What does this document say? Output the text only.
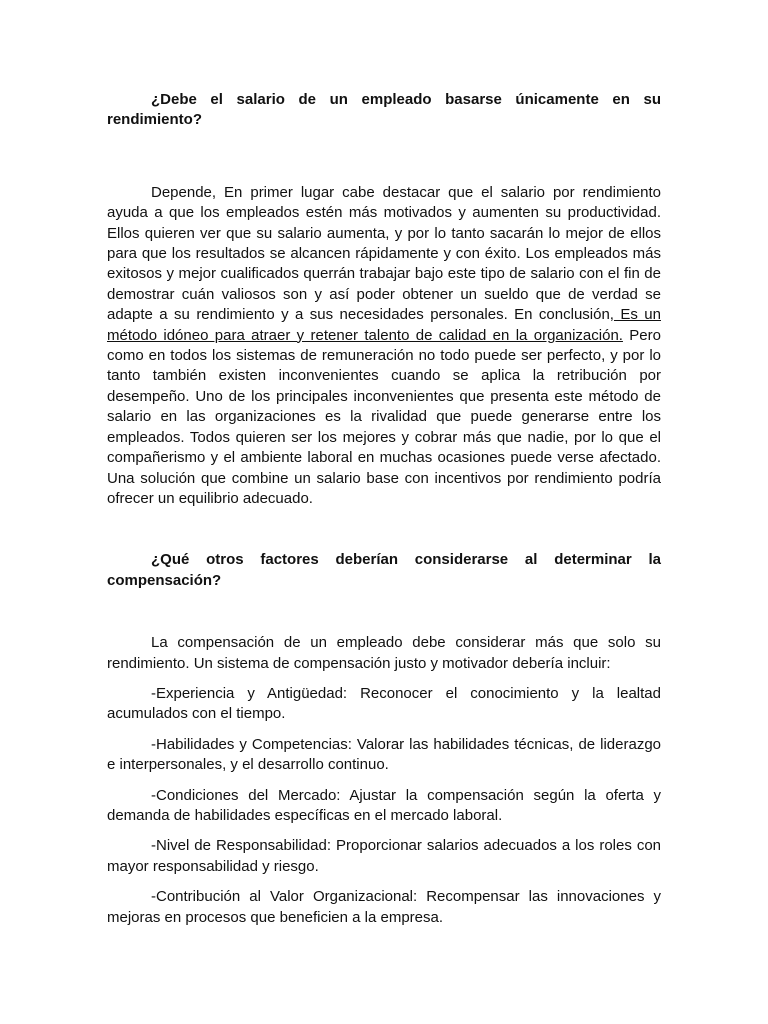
¿Debe el salario de un empleado basarse únicamente en su rendimiento?

Depende, En primer lugar cabe destacar que el salario por rendimiento ayuda a que los empleados estén más motivados y aumenten su productividad. Ellos quieren ver que su salario aumenta, y por lo tanto sacarán lo mejor de ellos para que los resultados se alcancen rápidamente y con éxito. Los empleados más exitosos y mejor cualificados querrán trabajar bajo este tipo de salario con el fin de demostrar cuán valiosos son y así poder obtener un sueldo que de verdad se adapte a su rendimiento y a sus necesidades personales. En conclusión, Es un método idóneo para atraer y retener talento de calidad en la organización. Pero como en todos los sistemas de remuneración no todo puede ser perfecto, y por lo tanto también existen inconvenientes cuando se aplica la retribución por desempeño. Uno de los principales inconvenientes que presenta este método de salario en las organizaciones es la rivalidad que puede generarse entre los empleados. Todos quieren ser los mejores y cobrar más que nadie, por lo que el compañerismo y el ambiente laboral en muchas ocasiones puede verse afectado. Una solución que combine un salario base con incentivos por rendimiento podría ofrecer un equilibrio adecuado.

¿Qué otros factores deberían considerarse al determinar la compensación?

La compensación de un empleado debe considerar más que solo su rendimiento. Un sistema de compensación justo y motivador debería incluir:

-Experiencia y Antigüedad: Reconocer el conocimiento y la lealtad acumulados con el tiempo.

-Habilidades y Competencias: Valorar las habilidades técnicas, de liderazgo e interpersonales, y el desarrollo continuo.

-Condiciones del Mercado: Ajustar la compensación según la oferta y demanda de habilidades específicas en el mercado laboral.

-Nivel de Responsabilidad: Proporcionar salarios adecuados a los roles con mayor responsabilidad y riesgo.

-Contribución al Valor Organizacional: Recompensar las innovaciones y mejoras en procesos que beneficien a la empresa.
